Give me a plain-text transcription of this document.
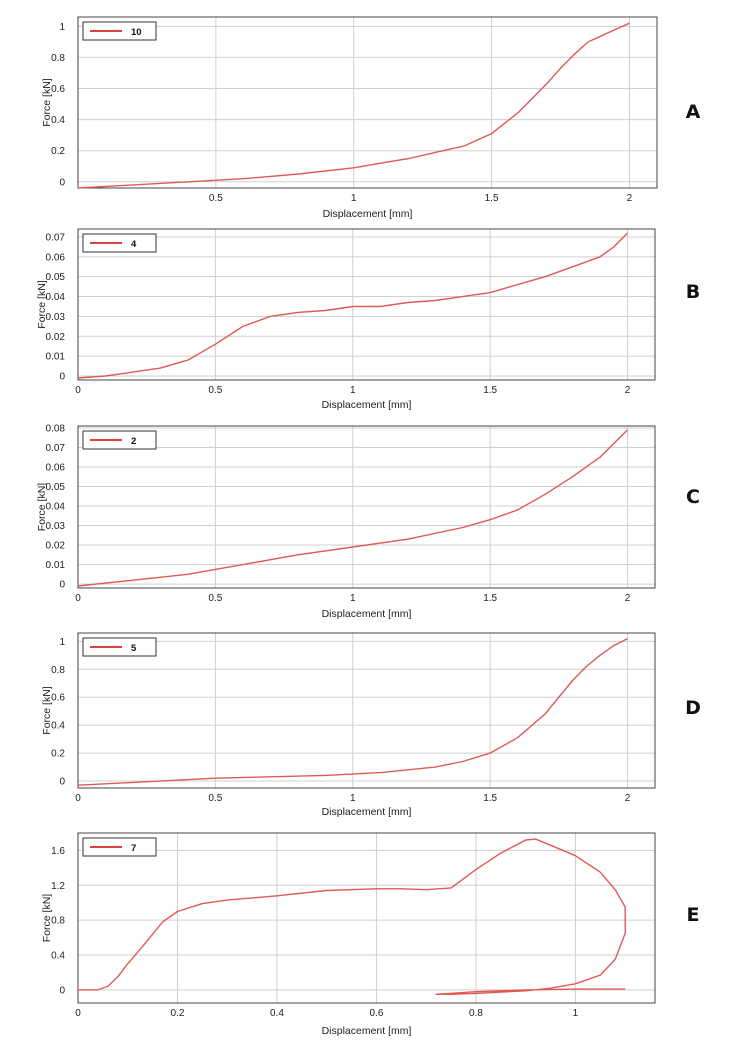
0.5	1	1.5	2
0
0.2
0.4
0.6
0.8
1	10
Displacement [mm]
Force [kN]	A
0	0.5	1	1.5	2
0
0.01
0.02
0.03
0.04
0.05
0.06
0.07
4
Displacement [mm]
Force [kN]	B
0	0.5	1	1.5	2
0
0.01
0.02
0.03
0.04
0.05
0.06
0.07
0.08
2
Displacement [mm]
Force [kN]	C
0	0.5	1	1.5	2
0
0.2
0.4
0.6
0.8
1
5
Displacement [mm]
Force [kN]	D
0	0.2	0.4	0.6	0.8	1
0
0.4
0.8
1.2
1.6	7
Displacement [mm]
Force [kN]	E
